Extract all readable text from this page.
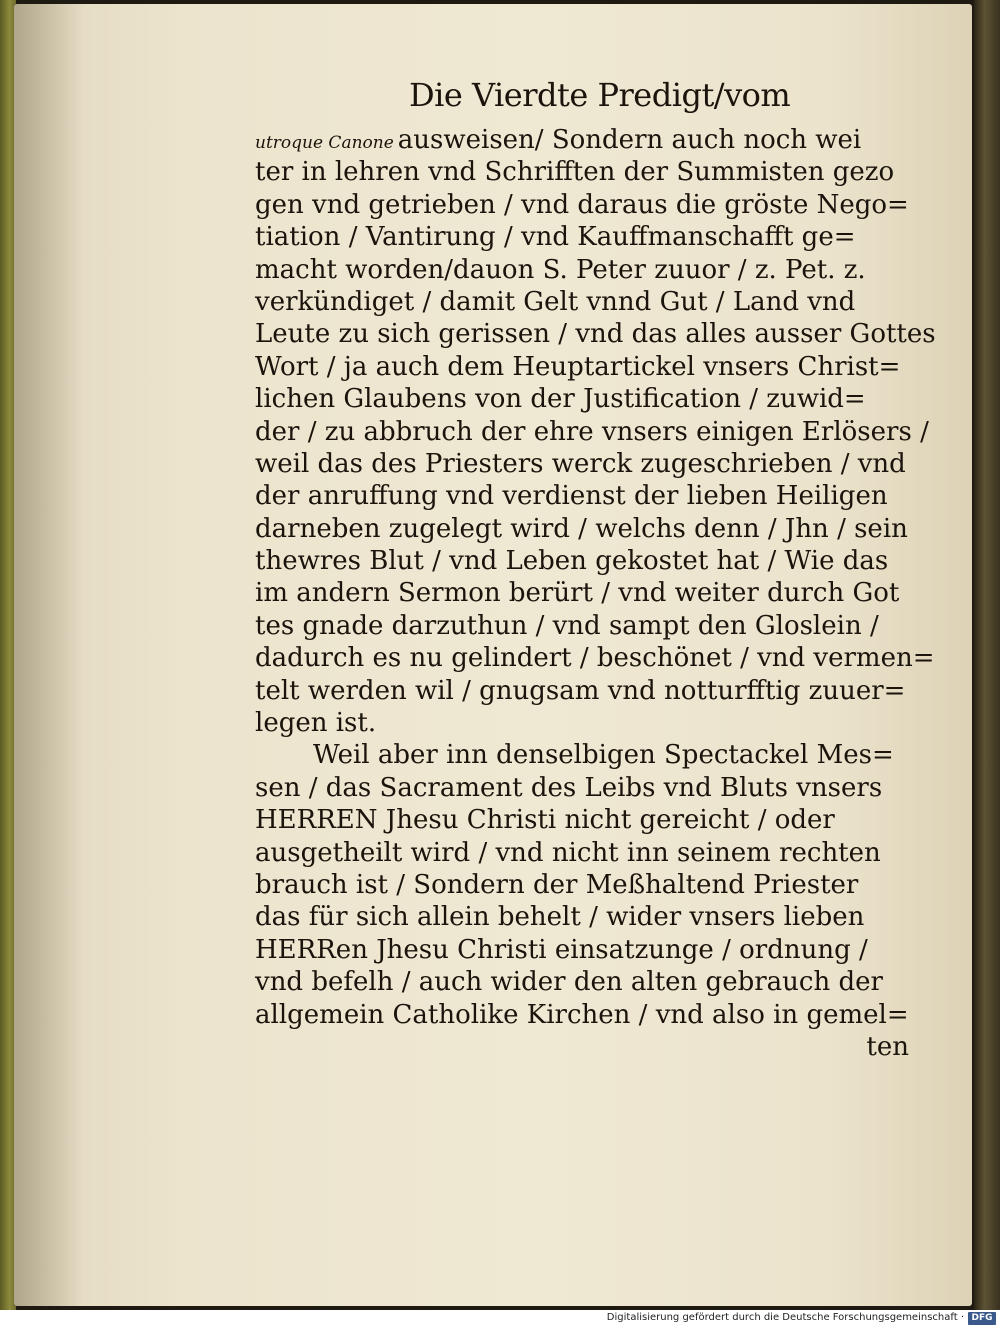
Die Vierdte Predigt/vom
utroque Canone ausweisen/ Sondern auch noch wei
ter in lehren vnd Schrifften der Summisten gezo
gen vnd getrieben / vnd daraus die gröste Nego=
tiation / Vantirung / vnd Kauffmanschafft ge=
macht worden/dauon S. Peter zuuor / z. Pet. z.
verkündiget / damit Gelt vnnd Gut / Land vnd
Leute zu sich gerissen / vnd das alles ausser Gottes
Wort / ja auch dem Heuptartickel vnsers Christ=
lichen Glaubens von der Justification / zuwid=
der / zu abbruch der ehre vnsers einigen Erlösers /
weil das des Priesters werck zugeschrieben / vnd
der anruffung vnd verdienst der lieben Heiligen
darneben zugelegt wird / welchs denn / Jhn / sein
thewres Blut / vnd Leben gekostet hat / Wie das
im andern Sermon berürt / vnd weiter durch Got
tes gnade darzuthun / vnd sampt den Gloslein /
dadurch es nu gelindert / beschönet / vnd vermen=
telt werden wil / gnugsam vnd notturfftig zuuer=
legen ist.
Weil aber inn denselbigen Spectackel Mes=
sen / das Sacrament des Leibs vnd Bluts vnsers
HERREN Jhesu Christi nicht gereicht / oder
ausgetheilt wird / vnd nicht inn seinem rechten
brauch ist / Sondern der Meßhaltend Priester
das für sich allein behelt / wider vnsers lieben
HERRen Jhesu Christi einsatzunge / ordnung /
vnd befelh / auch wider den alten gebrauch der
allgemein Catholike Kirchen / vnd also in gemel=
ten
Digitalisierung gefördert durch die Deutsche Forschungsgemeinschaft · DFG
